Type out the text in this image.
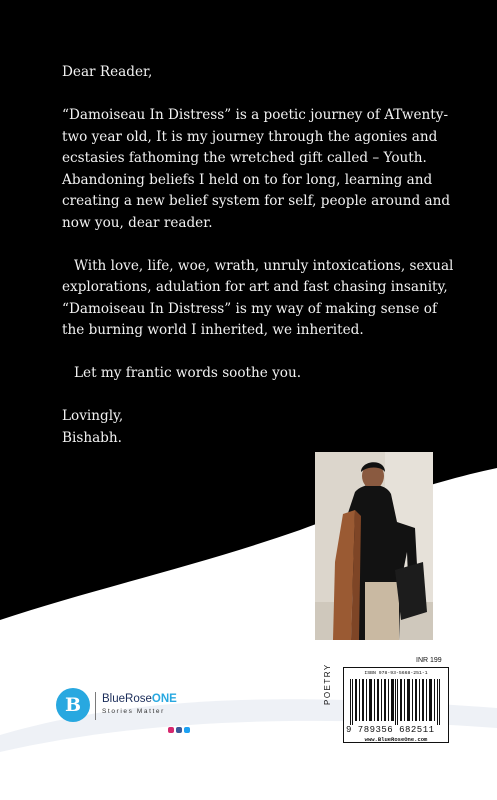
Dear Reader,

“Damoiseau In Distress” is a poetic journey of ATwenty-two year old, It is my journey through the agonies and ecstasies fathoming the wretched gift called – Youth. Abandoning beliefs I held on to for long, learning and creating a new belief system for self, people around and now you, dear reader.

With love, life, woe, wrath, unruly intoxications, sexual explorations, adulation for art and fast chasing insanity, “Damoiseau In Distress” is my way of making sense of the burning world I inherited, we inherited.

Let my frantic words soothe you.

Lovingly,

Bishabh.

B	BlueRoseONE
Stories Matter
POETRY
INR 199
ISBN 978-93-5668-251-1
9 789356 682511
www.BlueRoseOne.com
